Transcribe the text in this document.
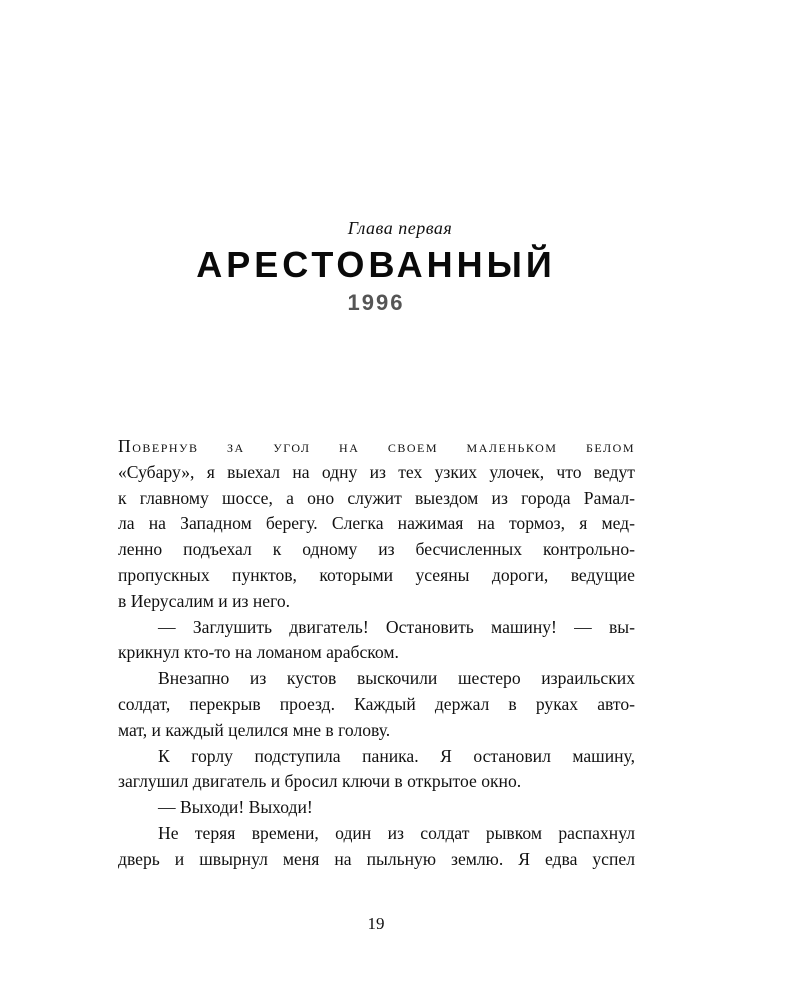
Глава первая
АРЕСТОВАННЫЙ
1996
Повернув за угол на своем маленьком белом
«Субару», я выехал на одну из тех узких улочек, что ведут
к главному шоссе, а оно служит выездом из города Рамал-
ла на Западном берегу. Слегка нажимая на тормоз, я мед-
ленно подъехал к одному из бесчисленных контрольно-
пропускных пунктов, которыми усеяны дороги, ведущие
в Иерусалим и из него.
— Заглушить двигатель! Остановить машину! — вы-
крикнул кто-то на ломаном арабском.
Внезапно из кустов выскочили шестеро израильских
солдат, перекрыв проезд. Каждый держал в руках авто-
мат, и каждый целился мне в голову.
К горлу подступила паника. Я остановил машину,
заглушил двигатель и бросил ключи в открытое окно.
— Выходи! Выходи!
Не теряя времени, один из солдат рывком распахнул
дверь и швырнул меня на пыльную землю. Я едва успел
19
